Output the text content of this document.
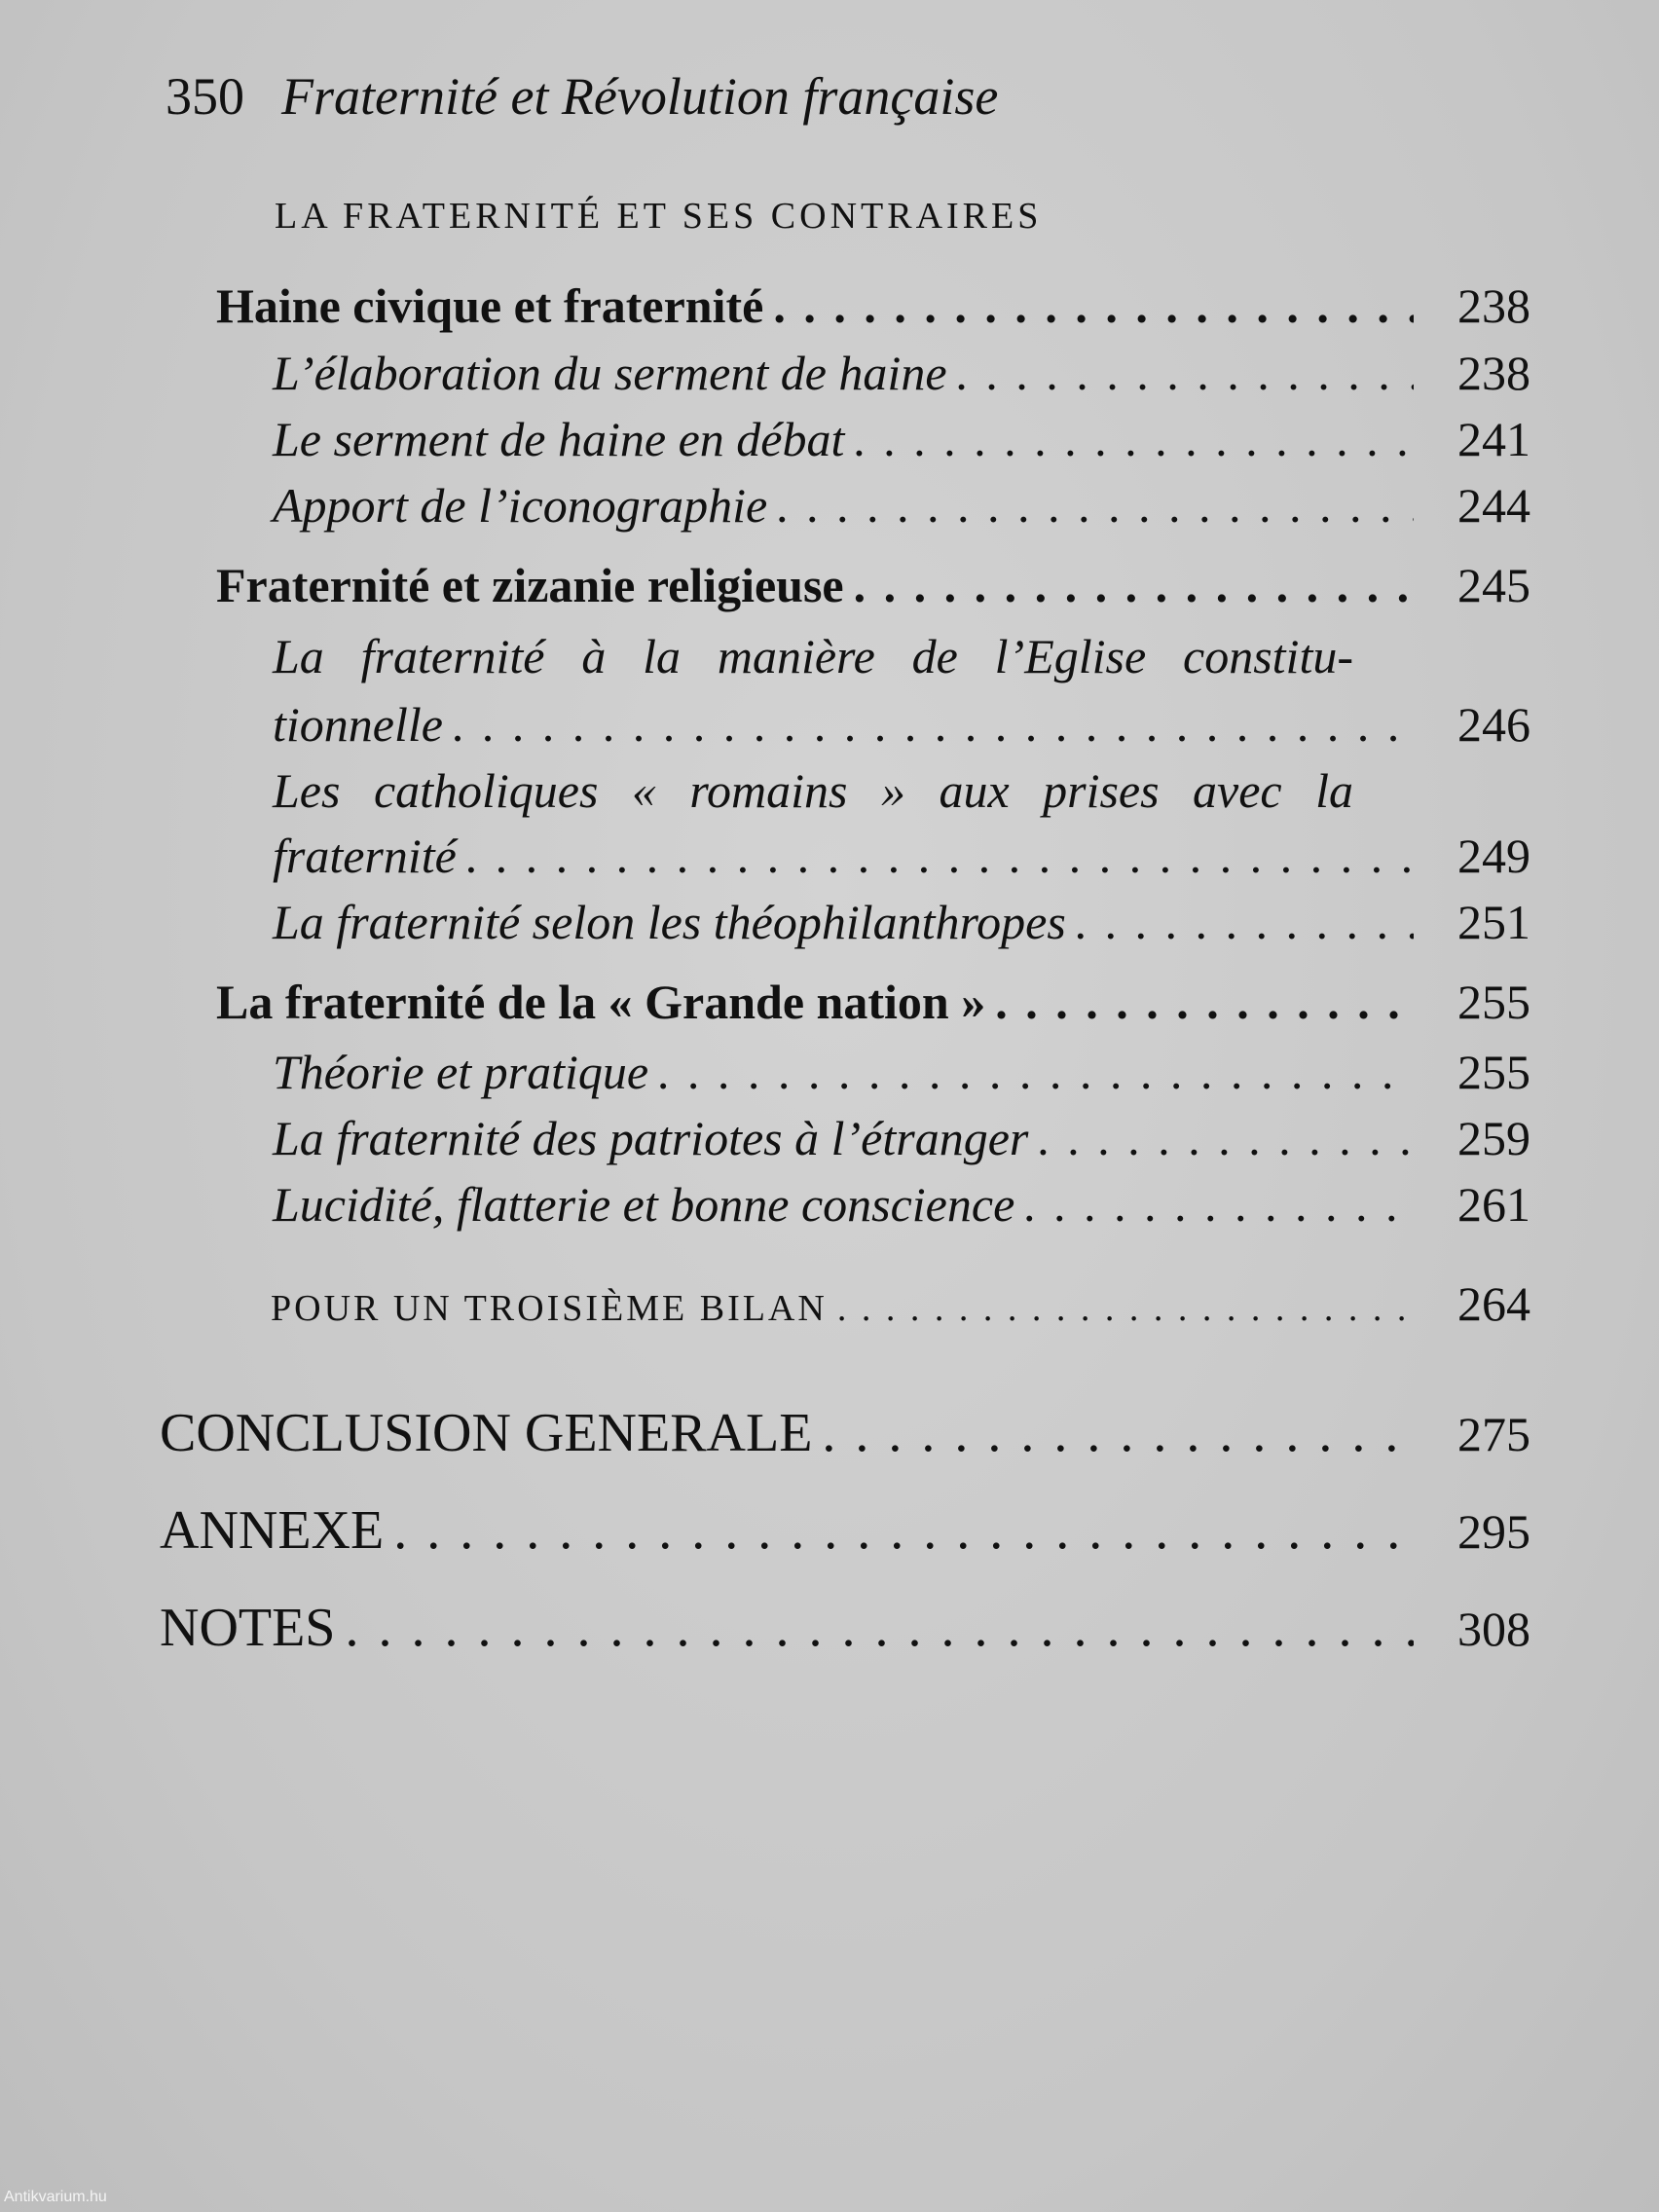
350 Fraternité et Révolution française
LA FRATERNITÉ ET SES CONTRAIRES
Haine civique et fraternité . . .	238
L’élaboration du serment de haine . . .	238
Le serment de haine en débat . . .	241
Apport de l’iconographie . . .	244
Fraternité et zizanie religieuse . . .	245
La fraternité à la manière de l’Eglise constitu-
tionnelle . . .	246
Les catholiques « romains » aux prises avec la
fraternité . . .	249
La fraternité selon les théophilanthropes . . .	251
La fraternité de la « Grande nation » . . .	255
Théorie et pratique . . .	255
La fraternité des patriotes à l’étranger . . .	259
Lucidité, flatterie et bonne conscience . . .	261
POUR UN TROISIÈME BILAN . . .	264
CONCLUSION GENERALE . . .	275
ANNEXE . . .	295
NOTES . . .	308
Antikvarium.hu
